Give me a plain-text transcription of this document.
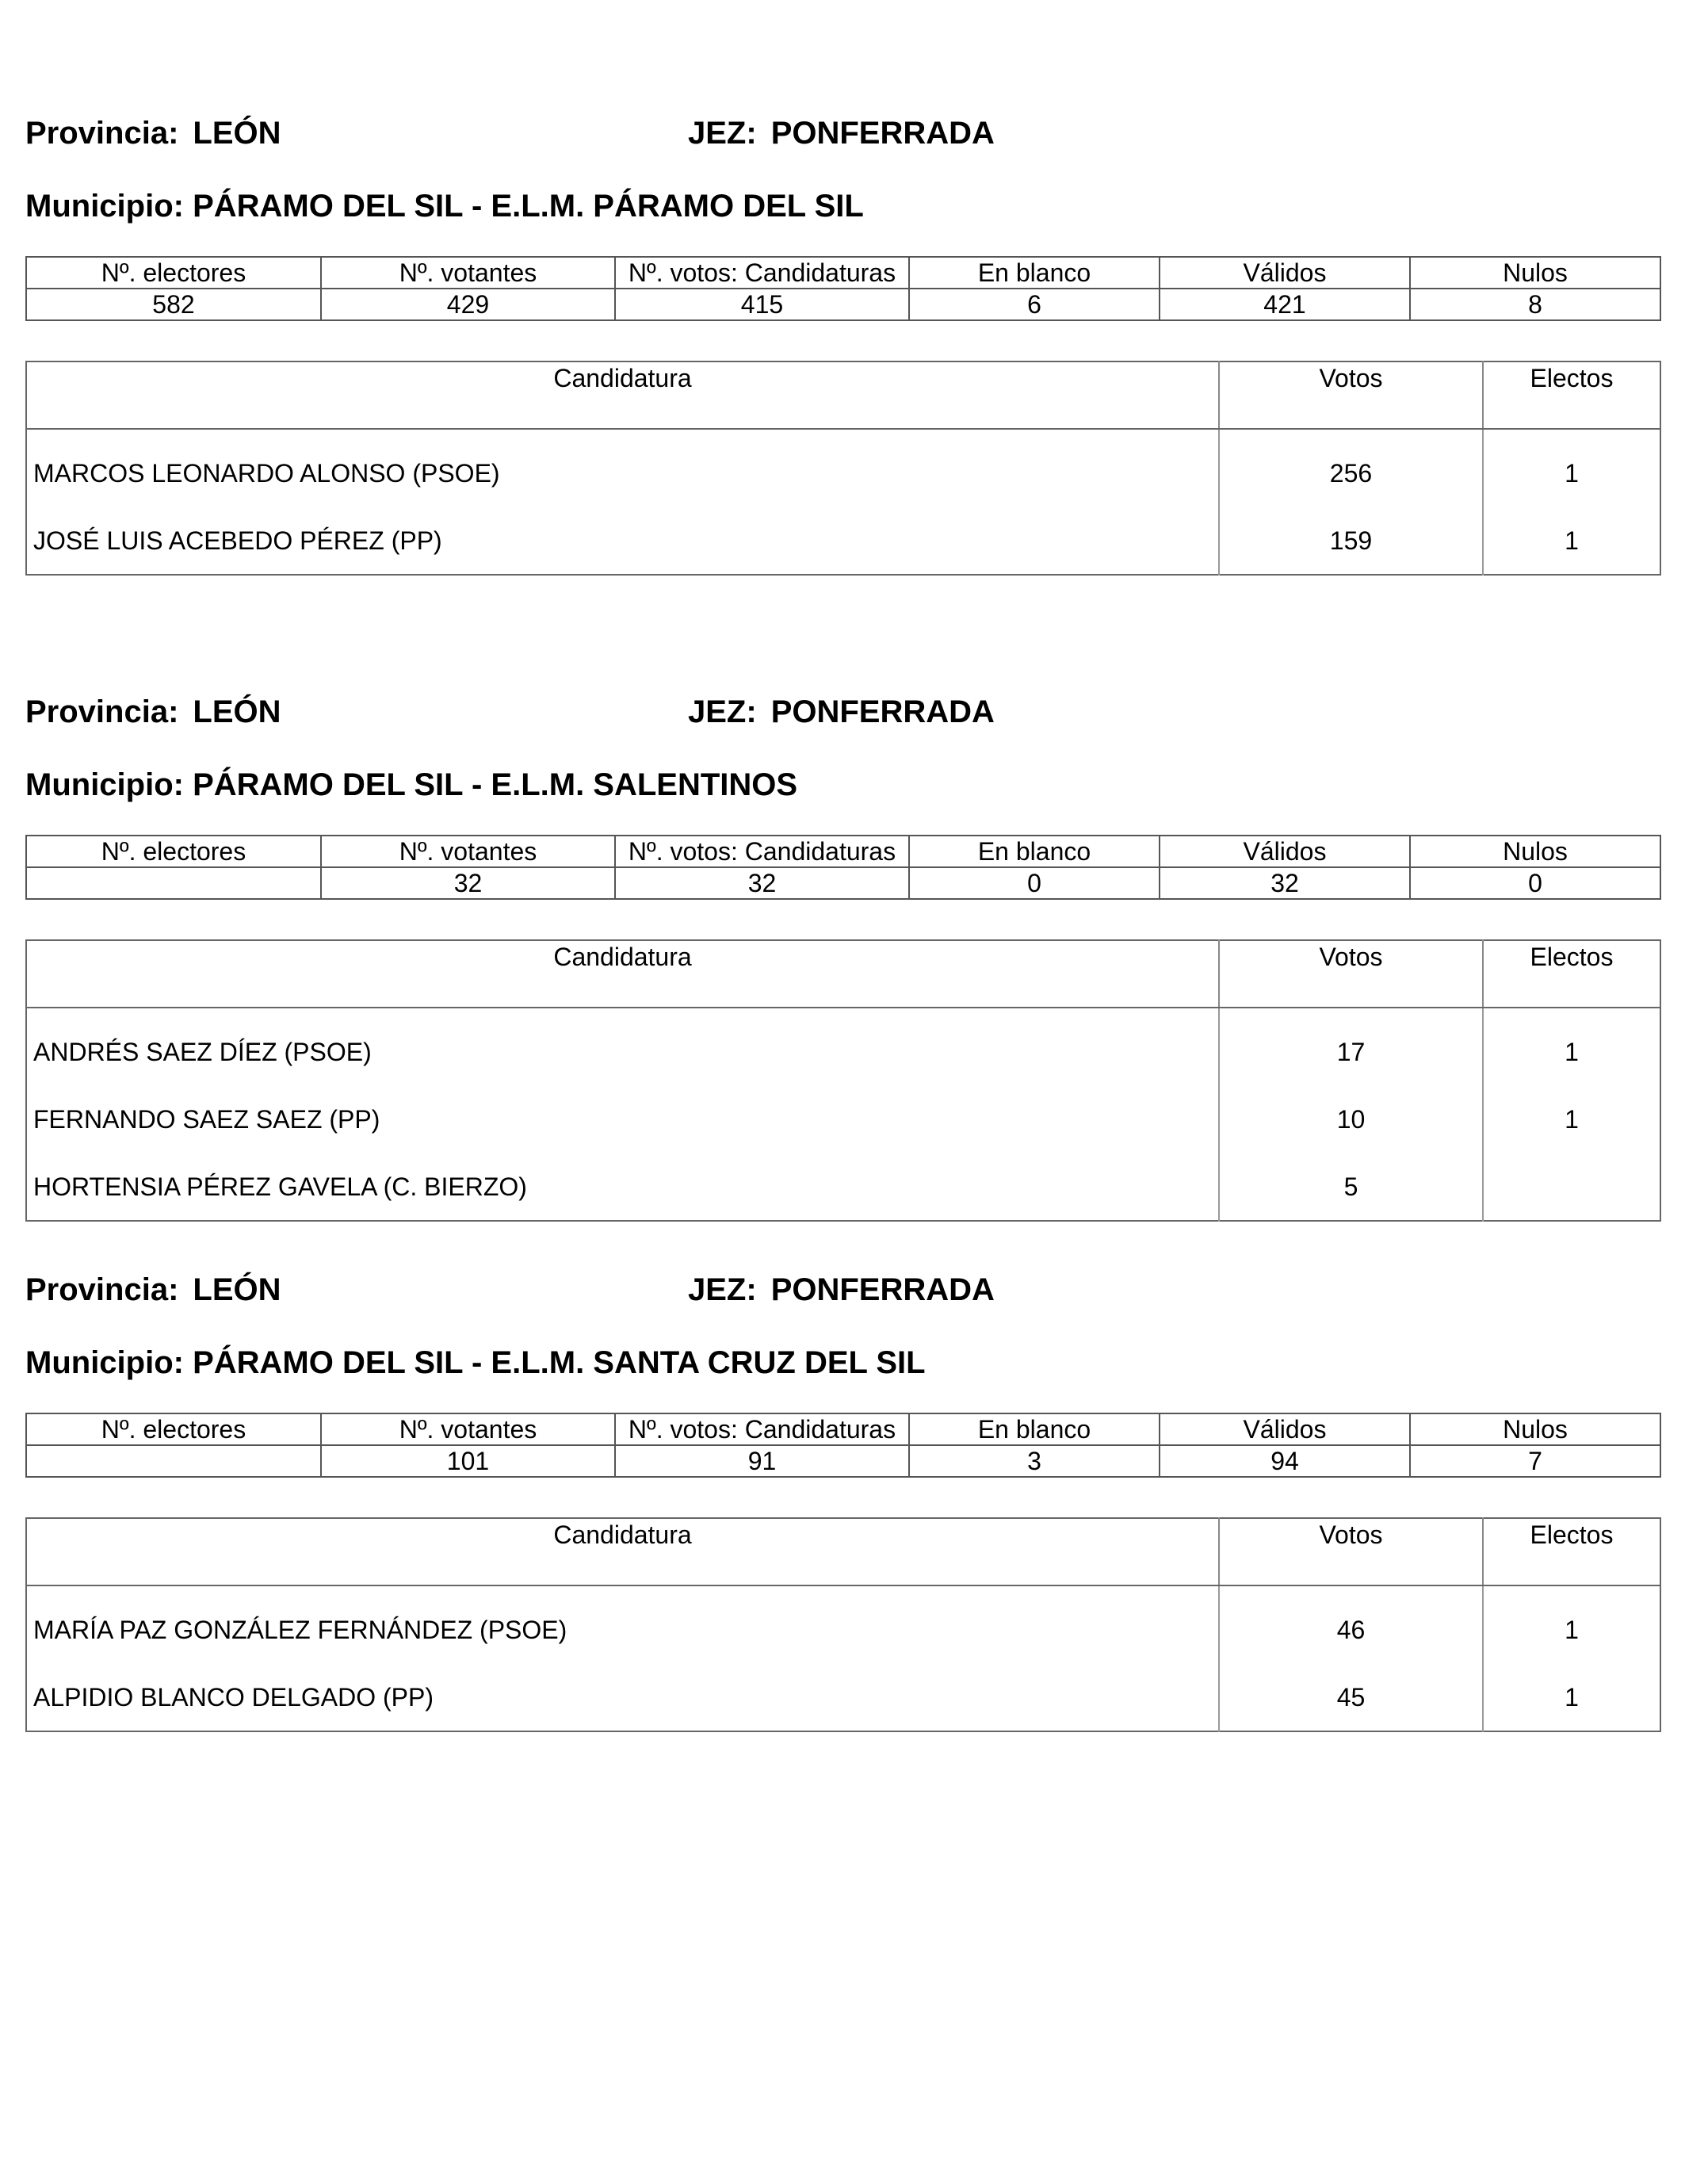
Provincia: LEÓN	JEZ: PONFERRADA
Municipio: PÁRAMO DEL SIL - E.L.M. PÁRAMO DEL SIL
Nº. electores	Nº. votantes	Nº. votos: Candidaturas	En blanco	Válidos	Nulos
582	429	415	6	421	8
Candidatura	Votos	Electos
MARCOS LEONARDO ALONSO (PSOE)	256	1
JOSÉ LUIS ACEBEDO PÉREZ (PP)	159	1
Provincia: LEÓN	JEZ: PONFERRADA
Municipio: PÁRAMO DEL SIL - E.L.M. SALENTINOS
Nº. electores	Nº. votantes	Nº. votos: Candidaturas	En blanco	Válidos	Nulos
	32	32	0	32	0
Candidatura	Votos	Electos
ANDRÉS SAEZ DÍEZ (PSOE)	17	1
FERNANDO SAEZ SAEZ (PP)	10	1
HORTENSIA PÉREZ GAVELA (C. BIERZO)	5	
Provincia: LEÓN	JEZ: PONFERRADA
Municipio: PÁRAMO DEL SIL - E.L.M. SANTA CRUZ DEL SIL
Nº. electores	Nº. votantes	Nº. votos: Candidaturas	En blanco	Válidos	Nulos
	101	91	3	94	7
Candidatura	Votos	Electos
MARÍA PAZ GONZÁLEZ FERNÁNDEZ (PSOE)	46	1
ALPIDIO BLANCO DELGADO (PP)	45	1
